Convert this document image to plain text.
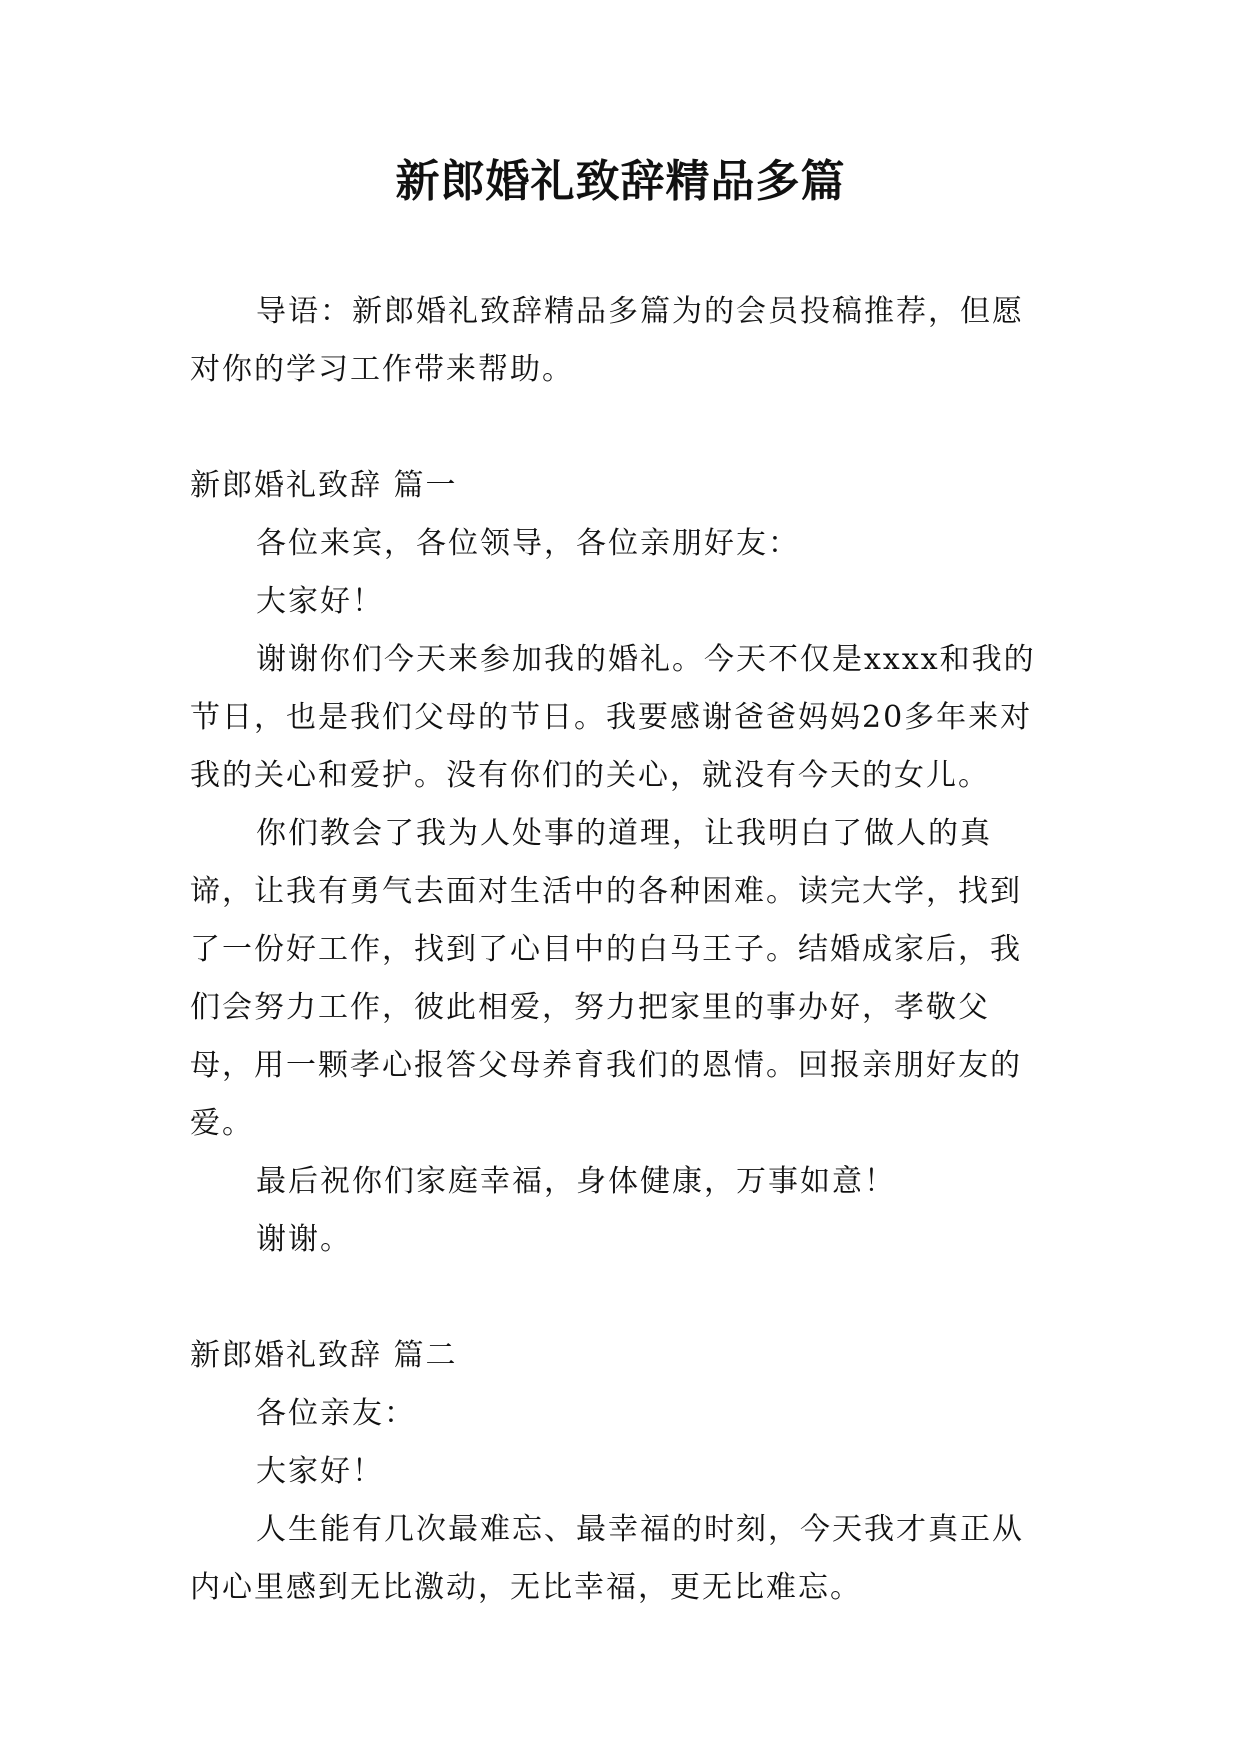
新郎婚礼致辞精品多篇

导语：新郎婚礼致辞精品多篇为的会员投稿推荐，但愿对你的学习工作带来帮助。

新郎婚礼致辞 篇一

各位来宾，各位领导，各位亲朋好友：

大家好！

谢谢你们今天来参加我的婚礼。今天不仅是xxxx和我的节日，也是我们父母的节日。我要感谢爸爸妈妈20多年来对我的关心和爱护。没有你们的关心，就没有今天的女儿。

你们教会了我为人处事的道理，让我明白了做人的真谛，让我有勇气去面对生活中的各种困难。读完大学，找到了一份好工作，找到了心目中的白马王子。结婚成家后，我们会努力工作，彼此相爱，努力把家里的事办好，孝敬父母，用一颗孝心报答父母养育我们的恩情。回报亲朋好友的爱。

最后祝你们家庭幸福，身体健康，万事如意！

谢谢。

新郎婚礼致辞 篇二

各位亲友：

大家好！

人生能有几次最难忘、最幸福的时刻，今天我才真正从内心里感到无比激动，无比幸福，更无比难忘。
